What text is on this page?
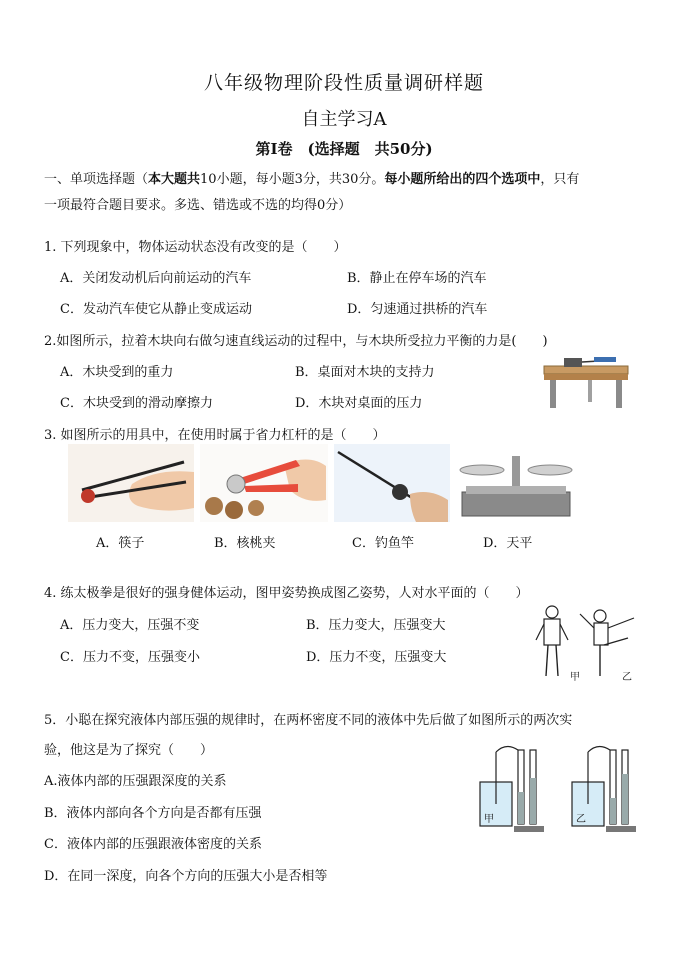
八年级物理阶段性质量调研样题
自主学习A
第Ⅰ卷　(选择题　共50分)
一、单项选择题（本大题共10小题，每小题3分，共30分。每小题所给出的四个选项中，只有
一项最符合题目要求。多选、错选或不选的均得0分）
1. 下列现象中，物体运动状态没有改变的是（　　）
A．关闭发动机后向前运动的汽车	B．静止在停车场的汽车
C．发动汽车使它从静止变成运动	D．匀速通过拱桥的汽车
2.如图所示，拉着木块向右做匀速直线运动的过程中，与木块所受拉力平衡的力是(　　)
A．木块受到的重力	B．桌面对木块的支持力
C．木块受到的滑动摩擦力	D．木块对桌面的压力
3. 如图所示的用具中，在使用时属于省力杠杆的是（　　）
A．筷子	B．核桃夹	C．钓鱼竿	D．天平
4. 练太极拳是很好的强身健体运动，图甲姿势换成图乙姿势，人对水平面的（　　）
A．压力变大，压强不变	B．压力变大，压强变大
C．压力不变，压强变小	D．压力不变，压强变大
甲	乙
5．小聪在探究液体内部压强的规律时，在两杯密度不同的液体中先后做了如图所示的两次实
验，他这是为了探究（　　）
A.液体内部的压强跟深度的关系
B．液体内部向各个方向是否都有压强
C．液体内部的压强跟液体密度的关系
D．在同一深度，向各个方向的压强大小是否相等
甲	乙
